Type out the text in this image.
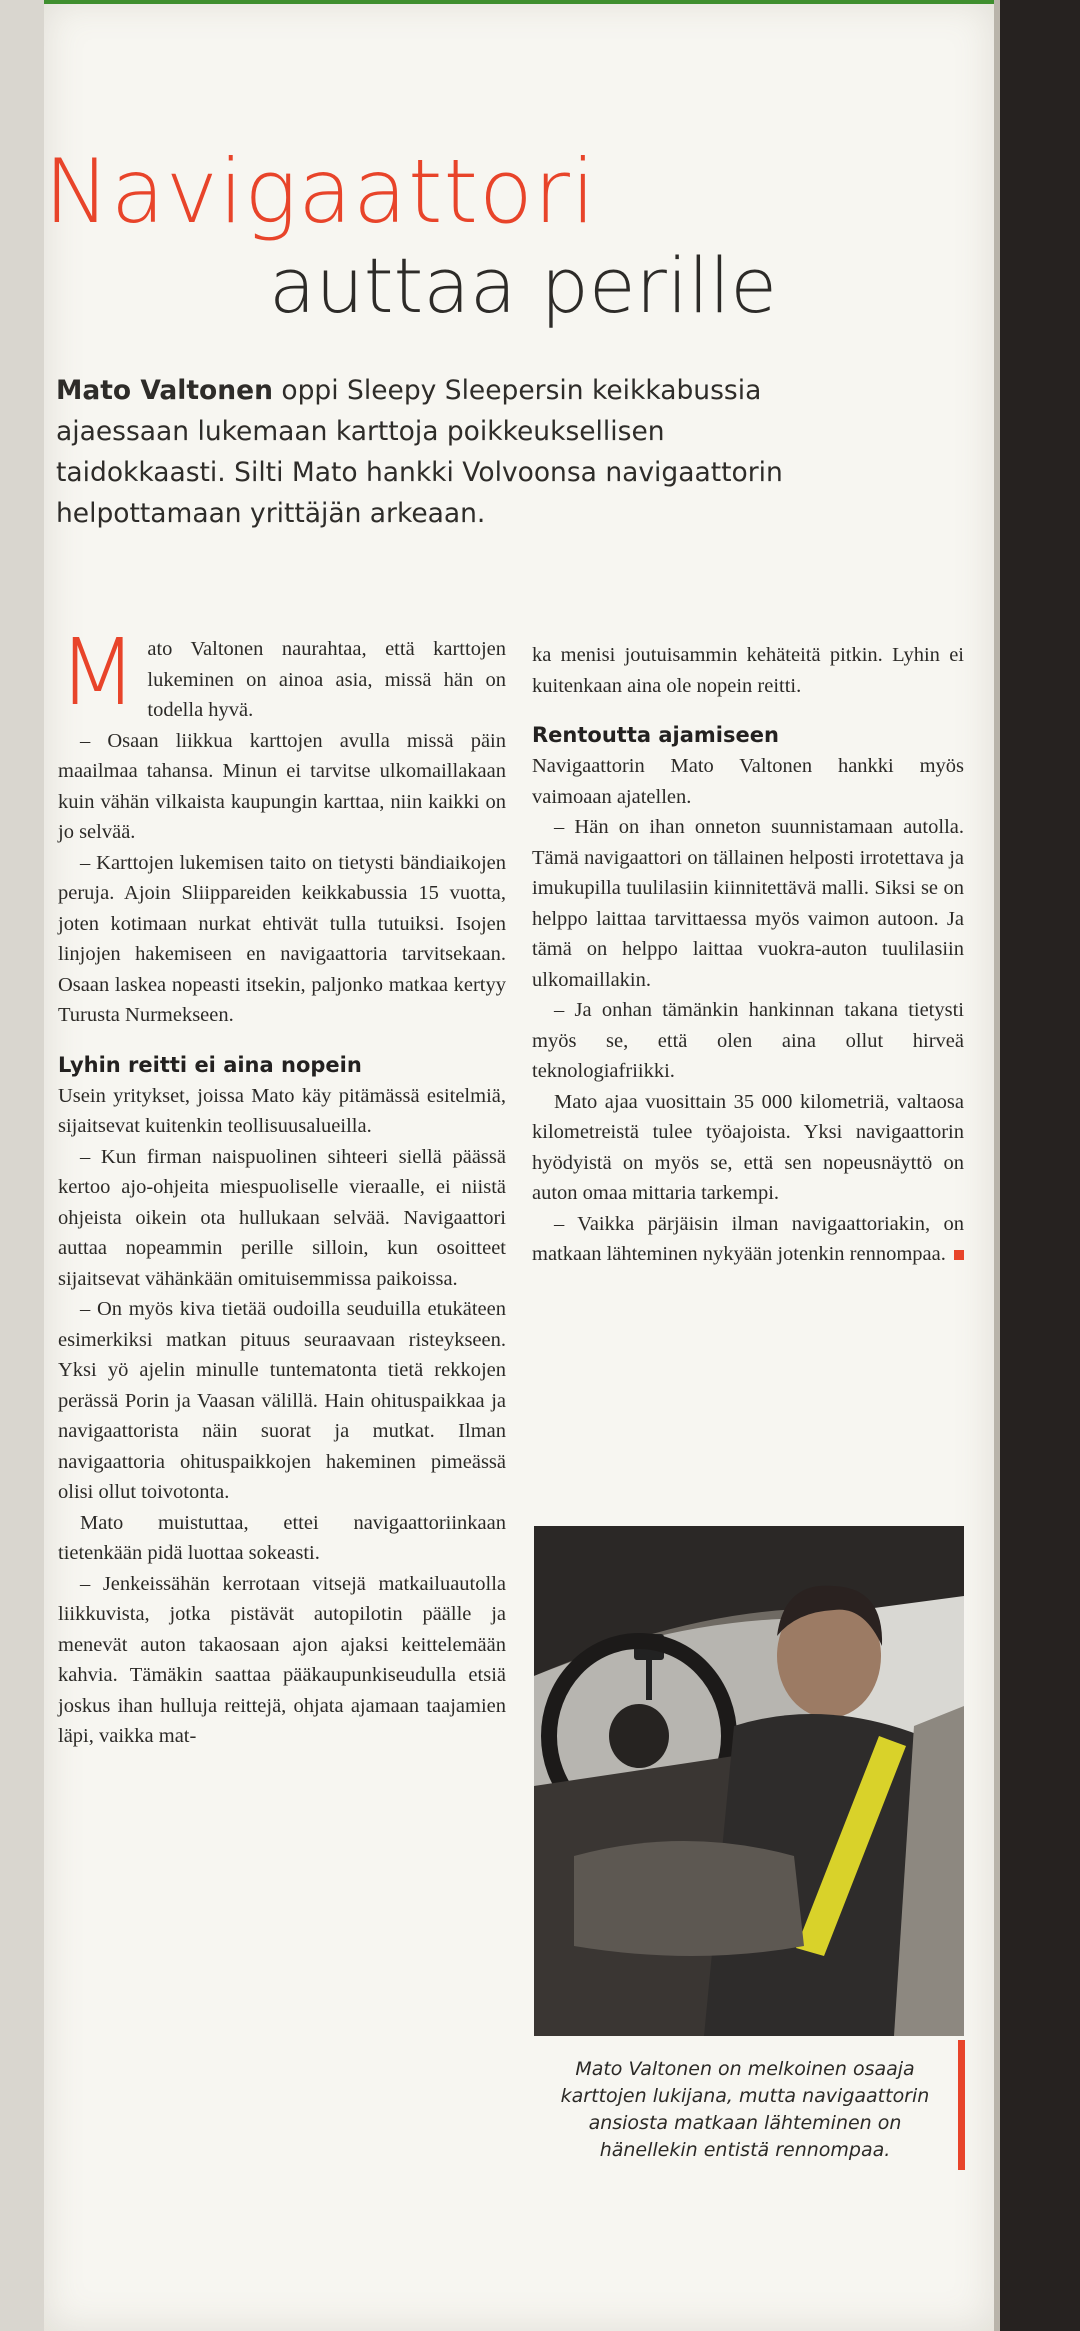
Navigaattori
auttaa perille
Mato Valtonen oppi Sleepy Sleepersin keikkabussia ajaessaan lukemaan karttoja poikkeuksellisen taidokkaasti. Silti Mato hankki Volvoonsa navigaattorin helpottamaan yrittäjän arkeaan.

Mato Valtonen naurahtaa, että karttojen lukeminen on ainoa asia, missä hän on todella hyvä.

– Osaan liikkua karttojen avulla missä päin maailmaa tahansa. Minun ei tarvitse ulkomaillakaan kuin vähän vilkaista kaupungin karttaa, niin kaikki on jo selvää.

– Karttojen lukemisen taito on tietysti bändiaikojen peruja. Ajoin Sliippareiden keikkabussia 15 vuotta, joten kotimaan nurkat ehtivät tulla tutuiksi. Isojen linjojen hakemiseen en navigaattoria tarvitsekaan. Osaan laskea nopeasti itsekin, paljonko matkaa kertyy Turusta Nurmekseen.

Lyhin reitti ei aina nopein

Usein yritykset, joissa Mato käy pitämässä esitelmiä, sijaitsevat kuitenkin teollisuusalueilla.

– Kun firman naispuolinen sihteeri siellä päässä kertoo ajo-ohjeita miespuoliselle vieraalle, ei niistä ohjeista oikein ota hullukaan selvää. Navigaattori auttaa nopeammin perille silloin, kun osoitteet sijaitsevat vähänkään omituisemmissa paikoissa.

– On myös kiva tietää oudoilla seuduilla etukäteen esimerkiksi matkan pituus seuraavaan risteykseen. Yksi yö ajelin minulle tuntematonta tietä rekkojen perässä Porin ja Vaasan välillä. Hain ohituspaikkaa ja navigaattorista näin suorat ja mutkat. Ilman navigaattoria ohituspaikkojen hakeminen pimeässä olisi ollut toivotonta.

Mato muistuttaa, ettei navigaattoriinkaan tietenkään pidä luottaa sokeasti.

– Jenkeissähän kerrotaan vitsejä matkailuautolla liikkuvista, jotka pistävät autopilotin päälle ja menevät auton takaosaan ajon ajaksi keittelemään kahvia. Tämäkin saattaa pääkaupunkiseudulla etsiä joskus ihan hulluja reittejä, ohjata ajamaan taajamien läpi, vaikka mat-

ka menisi joutuisammin kehäteitä pitkin. Lyhin ei kuitenkaan aina ole nopein reitti.

Rentoutta ajamiseen

Navigaattorin Mato Valtonen hankki myös vaimoaan ajatellen.

– Hän on ihan onneton suunnistamaan autolla. Tämä navigaattori on tällainen helposti irrotettava ja imukupilla tuulilasiin kiinnitettävä malli. Siksi se on helppo laittaa tarvittaessa myös vaimon autoon. Ja tämä on helppo laittaa vuokra-auton tuulilasiin ulkomaillakin.

– Ja onhan tämänkin hankinnan takana tietysti myös se, että olen aina ollut hirveä teknologiafriikki.

Mato ajaa vuosittain 35 000 kilometriä, valtaosa kilometreistä tulee työajoista. Yksi navigaattorin hyödyistä on myös se, että sen nopeusnäyttö on auton omaa mittaria tarkempi.

– Vaikka pärjäisin ilman navigaattoriakin, on matkaan lähteminen nykyään jotenkin rennompaa.

Mato Valtonen on melkoinen osaaja karttojen lukijana, mutta navigaattorin ansiosta matkaan lähteminen on hänellekin entistä rennompaa.
